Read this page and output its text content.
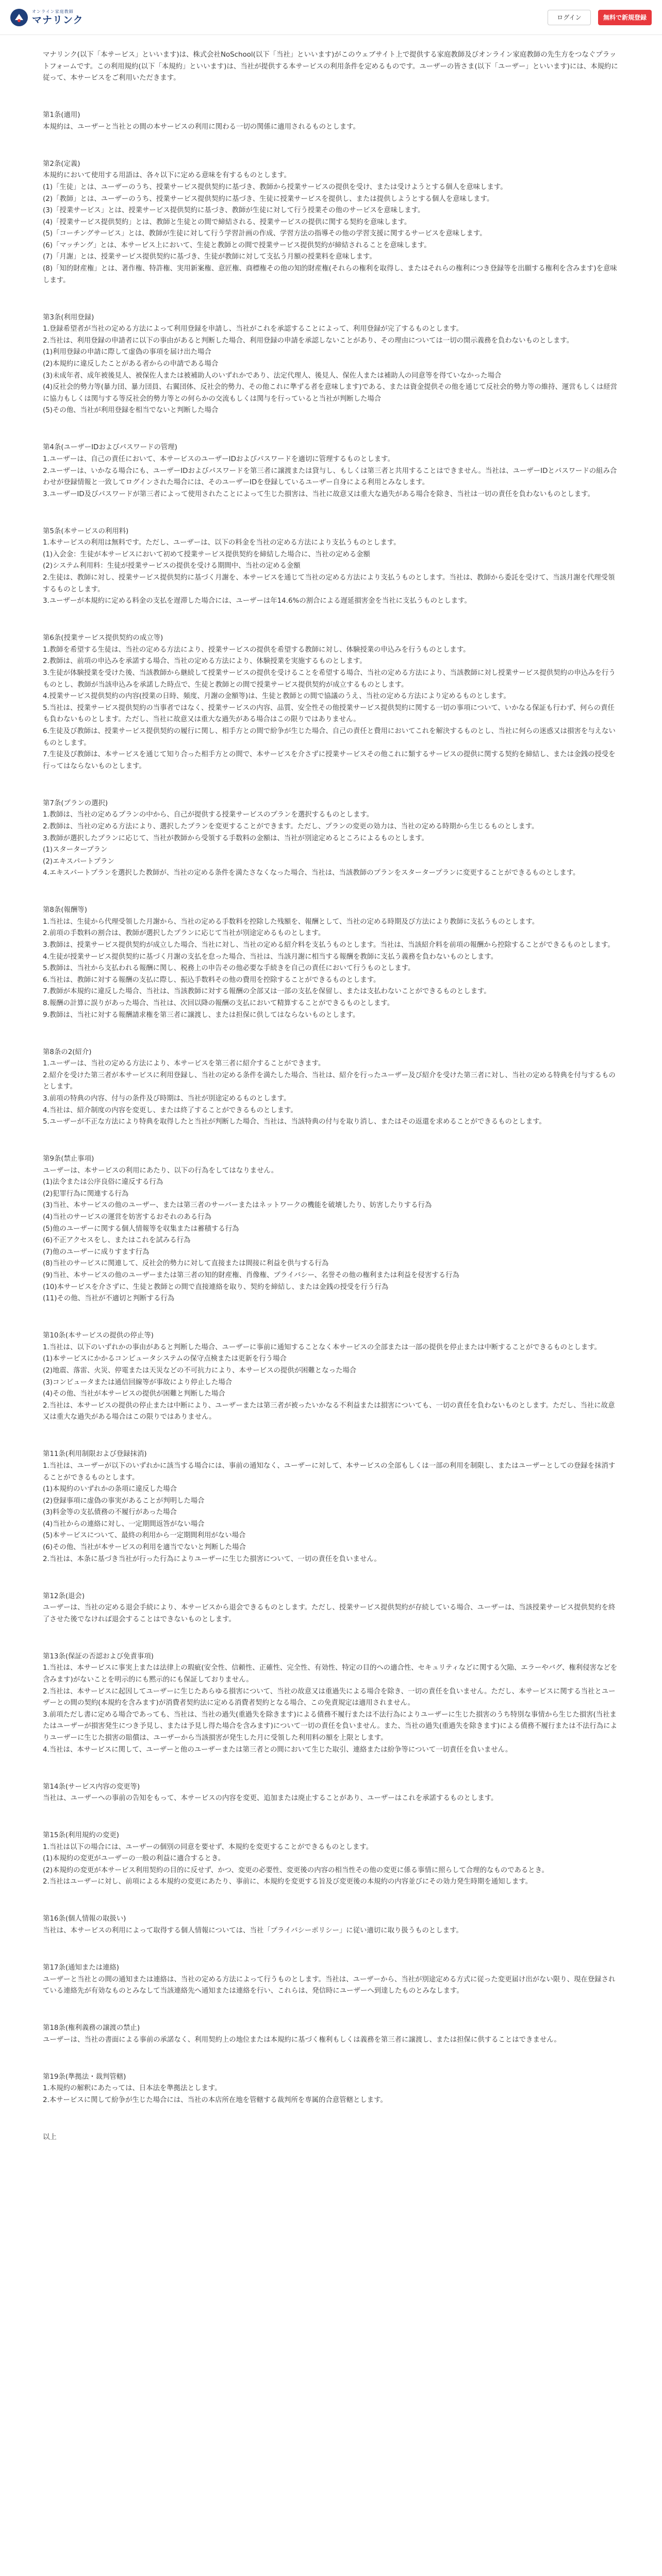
オンライン家庭教師
マナリンク	ログイン	無料で新規登録

マナリンク(以下「本サービス」といいます)は、株式会社NoSchool(以下「当社」といいます)がこのウェブサイト上で提供する家庭教師及びオンライン家庭教師の先生方をつなぐプラットフォームです。この利用規約(以下「本規約」といいます)は、当社が提供する本サービスの利用条件を定めるものです。ユーザーの皆さま(以下「ユーザー」といいます)には、本規約に従って、本サービスをご利用いただきます。

第1条(適用)

本規約は、ユーザーと当社との間の本サービスの利用に関わる一切の関係に適用されるものとします。

第2条(定義)

本規約において使用する用語は、各々以下に定める意味を有するものとします。

(1)「生徒」とは、ユーザーのうち、授業サービス提供契約に基づき、教師から授業サービスの提供を受け、または受けようとする個人を意味します。

(2)「教師」とは、ユーザーのうち、授業サービス提供契約に基づき、生徒に授業サービスを提供し、または提供しようとする個人を意味します。

(3)「授業サービス」とは、授業サービス提供契約に基づき、教師が生徒に対して行う授業その他のサービスを意味します。

(4)「授業サービス提供契約」とは、教師と生徒との間で締結される、授業サービスの提供に関する契約を意味します。

(5)「コーチングサービス」とは、教師が生徒に対して行う学習計画の作成、学習方法の指導その他の学習支援に関するサービスを意味します。

(6)「マッチング」とは、本サービス上において、生徒と教師との間で授業サービス提供契約が締結されることを意味します。

(7)「月謝」とは、授業サービス提供契約に基づき、生徒が教師に対して支払う月額の授業料を意味します。

(8)「知的財産権」とは、著作権、特許権、実用新案権、意匠権、商標権その他の知的財産権(それらの権利を取得し、またはそれらの権利につき登録等を出願する権利を含みます)を意味します。

第3条(利用登録)

1.登録希望者が当社の定める方法によって利用登録を申請し、当社がこれを承認することによって、利用登録が完了するものとします。

2.当社は、利用登録の申請者に以下の事由があると判断した場合、利用登録の申請を承認しないことがあり、その理由については一切の開示義務を負わないものとします。

(1)利用登録の申請に際して虚偽の事項を届け出た場合

(2)本規約に違反したことがある者からの申請である場合

(3)未成年者、成年被後見人、被保佐人または被補助人のいずれかであり、法定代理人、後見人、保佐人または補助人の同意等を得ていなかった場合

(4)反社会的勢力等(暴力団、暴力団員、右翼団体、反社会的勢力、その他これに準ずる者を意味します)である、または資金提供その他を通じて反社会的勢力等の維持、運営もしくは経営に協力もしくは関与する等反社会的勢力等との何らかの交流もしくは関与を行っていると当社が判断した場合

(5)その他、当社が利用登録を相当でないと判断した場合

第4条(ユーザーIDおよびパスワードの管理)

1.ユーザーは、自己の責任において、本サービスのユーザーIDおよびパスワードを適切に管理するものとします。

2.ユーザーは、いかなる場合にも、ユーザーIDおよびパスワードを第三者に譲渡または貸与し、もしくは第三者と共用することはできません。当社は、ユーザーIDとパスワードの組み合わせが登録情報と一致してログインされた場合には、そのユーザーIDを登録しているユーザー自身による利用とみなします。

3.ユーザーID及びパスワードが第三者によって使用されたことによって生じた損害は、当社に故意又は重大な過失がある場合を除き、当社は一切の責任を負わないものとします。

第5条(本サービスの利用料)

1.本サービスの利用は無料です。ただし、ユーザーは、以下の料金を当社の定める方法により支払うものとします。

(1)入会金：生徒が本サービスにおいて初めて授業サービス提供契約を締結した場合に、当社の定める金額

(2)システム利用料：生徒が授業サービスの提供を受ける期間中、当社の定める金額

2.生徒は、教師に対し、授業サービス提供契約に基づく月謝を、本サービスを通じて当社の定める方法により支払うものとします。当社は、教師から委託を受けて、当該月謝を代理受領するものとします。

3.ユーザーが本規約に定める料金の支払を遅滞した場合には、ユーザーは年14.6%の割合による遅延損害金を当社に支払うものとします。

第6条(授業サービス提供契約の成立等)

1.教師を希望する生徒は、当社の定める方法により、授業サービスの提供を希望する教師に対し、体験授業の申込みを行うものとします。

2.教師は、前項の申込みを承諾する場合、当社の定める方法により、体験授業を実施するものとします。

3.生徒が体験授業を受けた後、当該教師から継続して授業サービスの提供を受けることを希望する場合、当社の定める方法により、当該教師に対し授業サービス提供契約の申込みを行うものとし、教師が当該申込みを承諾した時点で、生徒と教師との間で授業サービス提供契約が成立するものとします。

4.授業サービス提供契約の内容(授業の日時、頻度、月謝の金額等)は、生徒と教師との間で協議のうえ、当社の定める方法により定めるものとします。

5.当社は、授業サービス提供契約の当事者ではなく、授業サービスの内容、品質、安全性その他授業サービス提供契約に関する一切の事項について、いかなる保証も行わず、何らの責任も負わないものとします。ただし、当社に故意又は重大な過失がある場合はこの限りではありません。

6.生徒及び教師は、授業サービス提供契約の履行に関し、相手方との間で紛争が生じた場合、自己の責任と費用においてこれを解決するものとし、当社に何らの迷惑又は損害を与えないものとします。

7.生徒及び教師は、本サービスを通じて知り合った相手方との間で、本サービスを介さずに授業サービスその他これに類するサービスの提供に関する契約を締結し、または金銭の授受を行ってはならないものとします。

第7条(プランの選択)

1.教師は、当社の定めるプランの中から、自己が提供する授業サービスのプランを選択するものとします。

2.教師は、当社の定める方法により、選択したプランを変更することができます。ただし、プランの変更の効力は、当社の定める時期から生じるものとします。

3.教師が選択したプランに応じて、当社が教師から受領する手数料の金額は、当社が別途定めるところによるものとします。

(1)スタータープラン

(2)エキスパートプラン

4.エキスパートプランを選択した教師が、当社の定める条件を満たさなくなった場合、当社は、当該教師のプランをスタータープランに変更することができるものとします。

第8条(報酬等)

1.当社は、生徒から代理受領した月謝から、当社の定める手数料を控除した残額を、報酬として、当社の定める時期及び方法により教師に支払うものとします。

2.前項の手数料の割合は、教師が選択したプランに応じて当社が別途定めるものとします。

3.教師は、授業サービス提供契約が成立した場合、当社に対し、当社の定める紹介料を支払うものとします。当社は、当該紹介料を前項の報酬から控除することができるものとします。

4.生徒が授業サービス提供契約に基づく月謝の支払を怠った場合、当社は、当該月謝に相当する報酬を教師に支払う義務を負わないものとします。

5.教師は、当社から支払われる報酬に関し、税務上の申告その他必要な手続きを自己の責任において行うものとします。

6.当社は、教師に対する報酬の支払に際し、振込手数料その他の費用を控除することができるものとします。

7.教師が本規約に違反した場合、当社は、当該教師に対する報酬の全部又は一部の支払を保留し、または支払わないことができるものとします。

8.報酬の計算に誤りがあった場合、当社は、次回以降の報酬の支払において精算することができるものとします。

9.教師は、当社に対する報酬請求権を第三者に譲渡し、または担保に供してはならないものとします。

第8条の2(紹介)

1.ユーザーは、当社の定める方法により、本サービスを第三者に紹介することができます。

2.紹介を受けた第三者が本サービスに利用登録し、当社の定める条件を満たした場合、当社は、紹介を行ったユーザー及び紹介を受けた第三者に対し、当社の定める特典を付与するものとします。

3.前項の特典の内容、付与の条件及び時期は、当社が別途定めるものとします。

4.当社は、紹介制度の内容を変更し、または終了することができるものとします。

5.ユーザーが不正な方法により特典を取得したと当社が判断した場合、当社は、当該特典の付与を取り消し、またはその返還を求めることができるものとします。

第9条(禁止事項)

ユーザーは、本サービスの利用にあたり、以下の行為をしてはなりません。

(1)法令または公序良俗に違反する行為

(2)犯罪行為に関連する行為

(3)当社、本サービスの他のユーザー、または第三者のサーバーまたはネットワークの機能を破壊したり、妨害したりする行為

(4)当社のサービスの運営を妨害するおそれのある行為

(5)他のユーザーに関する個人情報等を収集または蓄積する行為

(6)不正アクセスをし、またはこれを試みる行為

(7)他のユーザーに成りすます行為

(8)当社のサービスに関連して、反社会的勢力に対して直接または間接に利益を供与する行為

(9)当社、本サービスの他のユーザーまたは第三者の知的財産権、肖像権、プライバシー、名誉その他の権利または利益を侵害する行為

(10)本サービスを介さずに、生徒と教師との間で直接連絡を取り、契約を締結し、または金銭の授受を行う行為

(11)その他、当社が不適切と判断する行為

第10条(本サービスの提供の停止等)

1.当社は、以下のいずれかの事由があると判断した場合、ユーザーに事前に通知することなく本サービスの全部または一部の提供を停止または中断することができるものとします。

(1)本サービスにかかるコンピュータシステムの保守点検または更新を行う場合

(2)地震、落雷、火災、停電または天災などの不可抗力により、本サービスの提供が困難となった場合

(3)コンピュータまたは通信回線等が事故により停止した場合

(4)その他、当社が本サービスの提供が困難と判断した場合

2.当社は、本サービスの提供の停止または中断により、ユーザーまたは第三者が被ったいかなる不利益または損害についても、一切の責任を負わないものとします。ただし、当社に故意又は重大な過失がある場合はこの限りではありません。

第11条(利用制限および登録抹消)

1.当社は、ユーザーが以下のいずれかに該当する場合には、事前の通知なく、ユーザーに対して、本サービスの全部もしくは一部の利用を制限し、またはユーザーとしての登録を抹消することができるものとします。

(1)本規約のいずれかの条項に違反した場合

(2)登録事項に虚偽の事実があることが判明した場合

(3)料金等の支払債務の不履行があった場合

(4)当社からの連絡に対し、一定期間返答がない場合

(5)本サービスについて、最終の利用から一定期間利用がない場合

(6)その他、当社が本サービスの利用を適当でないと判断した場合

2.当社は、本条に基づき当社が行った行為によりユーザーに生じた損害について、一切の責任を負いません。

第12条(退会)

ユーザーは、当社の定める退会手続により、本サービスから退会できるものとします。ただし、授業サービス提供契約が存続している場合、ユーザーは、当該授業サービス提供契約を終了させた後でなければ退会することはできないものとします。

第13条(保証の否認および免責事項)

1.当社は、本サービスに事実上または法律上の瑕疵(安全性、信頼性、正確性、完全性、有効性、特定の目的への適合性、セキュリティなどに関する欠陥、エラーやバグ、権利侵害などを含みます)がないことを明示的にも黙示的にも保証しておりません。

2.当社は、本サービスに起因してユーザーに生じたあらゆる損害について、当社の故意又は重過失による場合を除き、一切の責任を負いません。ただし、本サービスに関する当社とユーザーとの間の契約(本規約を含みます)が消費者契約法に定める消費者契約となる場合、この免責規定は適用されません。

3.前項ただし書に定める場合であっても、当社は、当社の過失(重過失を除きます)による債務不履行または不法行為によりユーザーに生じた損害のうち特別な事情から生じた損害(当社またはユーザーが損害発生につき予見し、または予見し得た場合を含みます)について一切の責任を負いません。また、当社の過失(重過失を除きます)による債務不履行または不法行為によりユーザーに生じた損害の賠償は、ユーザーから当該損害が発生した月に受領した利用料の額を上限とします。

4.当社は、本サービスに関して、ユーザーと他のユーザーまたは第三者との間において生じた取引、連絡または紛争等について一切責任を負いません。

第14条(サービス内容の変更等)

当社は、ユーザーへの事前の告知をもって、本サービスの内容を変更、追加または廃止することがあり、ユーザーはこれを承諾するものとします。

第15条(利用規約の変更)

1.当社は以下の場合には、ユーザーの個別の同意を要せず、本規約を変更することができるものとします。

(1)本規約の変更がユーザーの一般の利益に適合するとき。

(2)本規約の変更が本サービス利用契約の目的に反せず、かつ、変更の必要性、変更後の内容の相当性その他の変更に係る事情に照らして合理的なものであるとき。

2.当社はユーザーに対し、前項による本規約の変更にあたり、事前に、本規約を変更する旨及び変更後の本規約の内容並びにその効力発生時期を通知します。

第16条(個人情報の取扱い)

当社は、本サービスの利用によって取得する個人情報については、当社「プライバシーポリシー」に従い適切に取り扱うものとします。

第17条(通知または連絡)

ユーザーと当社との間の通知または連絡は、当社の定める方法によって行うものとします。当社は、ユーザーから、当社が別途定める方式に従った変更届け出がない限り、現在登録されている連絡先が有効なものとみなして当該連絡先へ通知または連絡を行い、これらは、発信時にユーザーへ到達したものとみなします。

第18条(権利義務の譲渡の禁止)

ユーザーは、当社の書面による事前の承諾なく、利用契約上の地位または本規約に基づく権利もしくは義務を第三者に譲渡し、または担保に供することはできません。

第19条(準拠法・裁判管轄)

1.本規約の解釈にあたっては、日本法を準拠法とします。

2.本サービスに関して紛争が生じた場合には、当社の本店所在地を管轄する裁判所を専属的合意管轄とします。

以上
